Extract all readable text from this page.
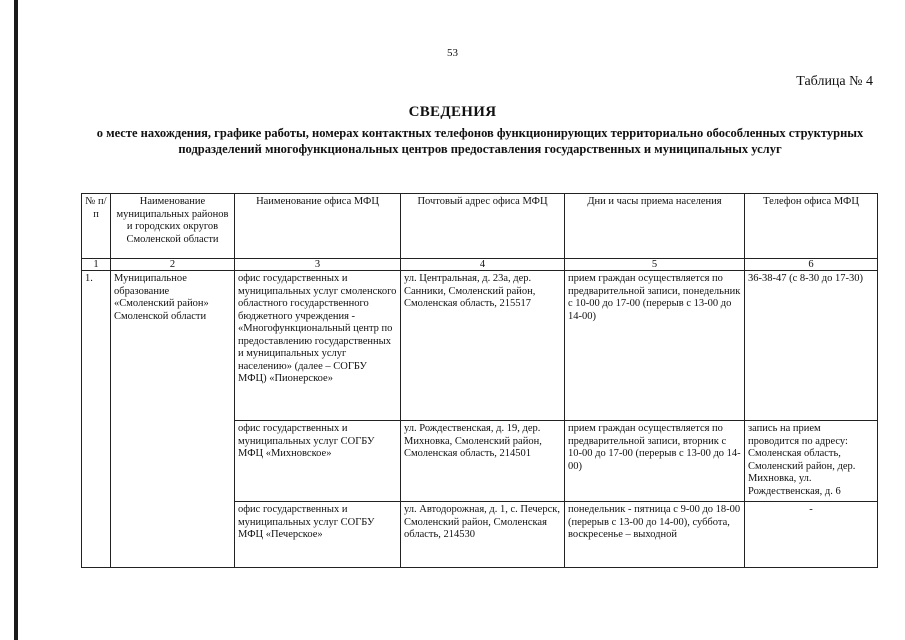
53
Таблица № 4
СВЕДЕНИЯ
о месте нахождения, графике работы, номерах контактных телефонов функционирующих территориально обособленных структурных подразделений многофункциональных центров предоставления государственных и муниципальных услуг
№ п/п	Наименование муниципальных районов и городских округов Смоленской области	Наименование офиса МФЦ	Почтовый адрес офиса МФЦ	Дни и часы приема населения	Телефон офиса МФЦ
1	2	3	4	5	6
1.	Муниципальное образование «Смоленский район» Смоленской области	офис государственных и муниципальных услуг смоленского областного государственного бюджетного учреждения - «Многофункциональный центр по предоставлению государственных и муниципальных услуг населению» (далее – СОГБУ МФЦ) «Пионерское»	ул. Центральная, д. 23а, дер. Санники, Смоленский район, Смоленская область, 215517	прием граждан осуществляется по предварительной записи, понедельник с 10-00 до 17-00 (перерыв с 13-00 до 14-00)	36-38-47 (с 8-30 до 17-30)
		офис государственных и муниципальных услуг СОГБУ МФЦ «Михновское»	ул. Рождественская, д. 19, дер. Михновка, Смоленский район, Смоленская область, 214501	прием граждан осуществляется по предварительной записи, вторник с 10-00 до 17-00 (перерыв с 13-00 до 14-00)	запись на прием проводится по адресу: Смоленская область, Смоленский район, дер. Михновка, ул. Рождественская, д. 6
		офис государственных и муниципальных услуг СОГБУ МФЦ «Печерское»	ул. Автодорожная, д. 1, с. Печерск, Смоленский район, Смоленская область, 214530	понедельник - пятница с 9-00 до 18-00 (перерыв с 13-00 до 14-00), суббота, воскресенье – выходной	-
